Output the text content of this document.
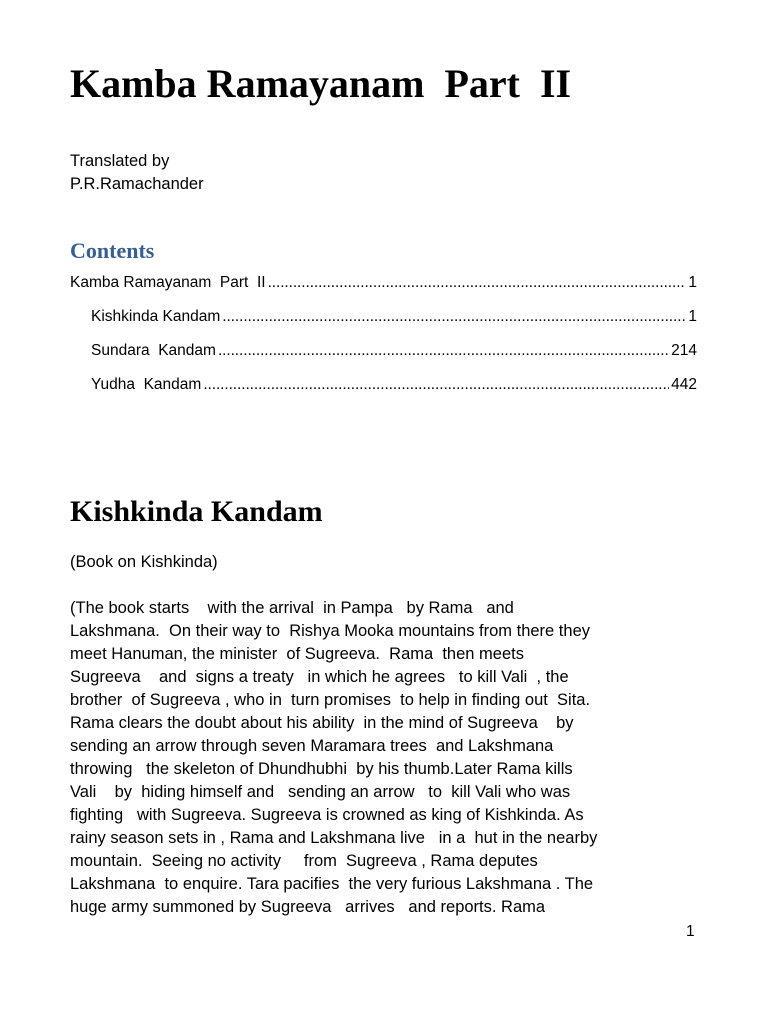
Kamba Ramayanam  Part  II
Translated by
P.R.Ramachander
Contents
Kamba Ramayanam  Part  II . . .	1
Kishkinda Kandam . . .	1
Sundara  Kandam . . .	214
Yudha  Kandam . . .	442
Kishkinda Kandam
(Book on Kishkinda)
(The book starts    with the arrival  in Pampa   by Rama   and
Lakshmana.  On their way to  Rishya Mooka mountains from there they
meet Hanuman, the minister  of Sugreeva.  Rama  then meets
Sugreeva    and  signs a treaty   in which he agrees   to kill Vali  , the
brother  of Sugreeva , who in  turn promises  to help in finding out  Sita.
Rama clears the doubt about his ability  in the mind of Sugreeva    by
sending an arrow through seven Maramara trees  and Lakshmana
throwing   the skeleton of Dhundhubhi  by his thumb.Later Rama kills
Vali    by  hiding himself and   sending an arrow   to  kill Vali who was
fighting   with Sugreeva. Sugreeva is crowned as king of Kishkinda. As
rainy season sets in , Rama and Lakshmana live   in a  hut in the nearby
mountain.  Seeing no activity     from  Sugreeva , Rama deputes
Lakshmana  to enquire. Tara pacifies  the very furious Lakshmana . The
huge army summoned by Sugreeva   arrives   and reports. Rama
1
